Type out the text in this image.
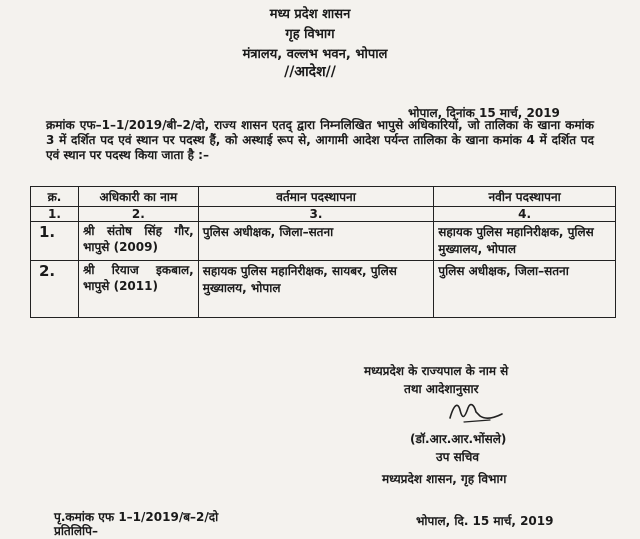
मध्य प्रदेश शासन
गृह विभाग
मंत्रालय, वल्लभ भवन, भोपाल
//आदेश//
भोपाल, दिनांक 15 मार्च, 2019

क्रमांक एफ–1–1/2019/बी–2/दो, राज्य शासन एतद् द्वारा निम्नलिखित भापुसे अधिकारियों, जो तालिका के खाना कमांक 3 में दर्शित पद एवं स्थान पर पदस्थ हैं, को अस्थाई रूप से, आगामी आदेश पर्यन्त तालिका के खाना कमांक 4 में दर्शित पद एवं स्थान पर पदस्थ किया जाता है :–

क्र.	अधिकारी का नाम	वर्तमान पदस्थापना	नवीन पदस्थापना
1.	2.	3.	4.
1.	श्री संतोष सिंह गौर, भापुसे (2009)	पुलिस अधीक्षक, जिला–सतना	सहायक पुलिस महानिरीक्षक, पुलिस मुख्यालय, भोपाल
2.	श्री रियाज इकबाल, भापुसे (2011)	सहायक पुलिस महानिरीक्षक, सायबर, पुलिस मुख्यालय, भोपाल	पुलिस अधीक्षक, जिला–सतना
मध्यप्रदेश के राज्यपाल के नाम से
तथा आदेशानुसार
(डॉ.आर.आर.भोंसले)
उप सचिव
मध्यप्रदेश शासन, गृह विभाग
पृ.कमांक एफ 1–1/2019/ब–2/दो
प्रतिलिपि–
भोपाल, दि. 15 मार्च, 2019
